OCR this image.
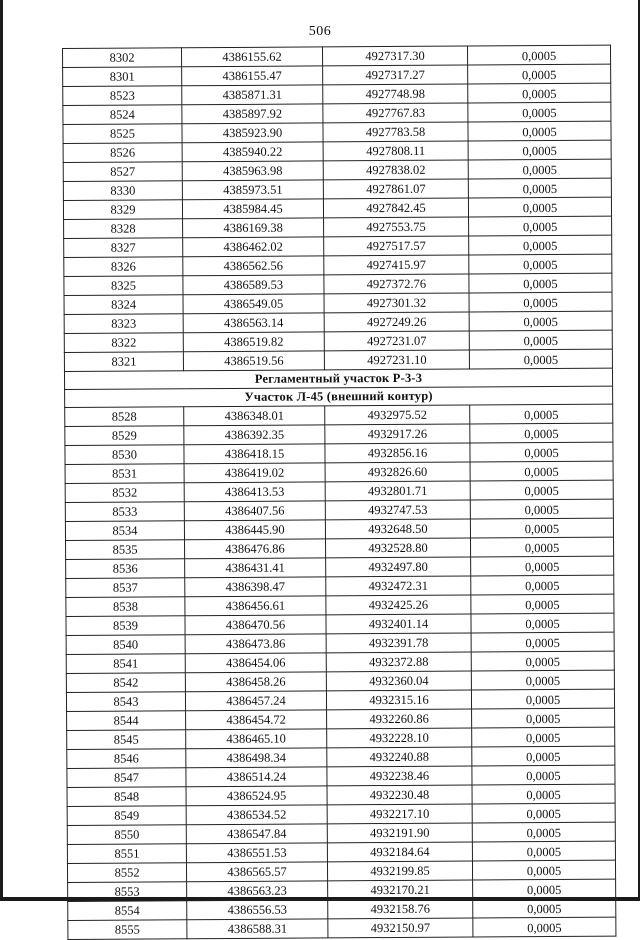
506
8302	4386155.62	4927317.30	0,0005
8301	4386155.47	4927317.27	0,0005
8523	4385871.31	4927748.98	0,0005
8524	4385897.92	4927767.83	0,0005
8525	4385923.90	4927783.58	0,0005
8526	4385940.22	4927808.11	0,0005
8527	4385963.98	4927838.02	0,0005
8330	4385973.51	4927861.07	0,0005
8329	4385984.45	4927842.45	0,0005
8328	4386169.38	4927553.75	0,0005
8327	4386462.02	4927517.57	0,0005
8326	4386562.56	4927415.97	0,0005
8325	4386589.53	4927372.76	0,0005
8324	4386549.05	4927301.32	0,0005
8323	4386563.14	4927249.26	0,0005
8322	4386519.82	4927231.07	0,0005
8321	4386519.56	4927231.10	0,0005
Регламентный участок Р-3-3			
Участок Л-45 (внешний контур)			
8528	4386348.01	4932975.52	0,0005
8529	4386392.35	4932917.26	0,0005
8530	4386418.15	4932856.16	0,0005
8531	4386419.02	4932826.60	0,0005
8532	4386413.53	4932801.71	0,0005
8533	4386407.56	4932747.53	0,0005
8534	4386445.90	4932648.50	0,0005
8535	4386476.86	4932528.80	0,0005
8536	4386431.41	4932497.80	0,0005
8537	4386398.47	4932472.31	0,0005
8538	4386456.61	4932425.26	0,0005
8539	4386470.56	4932401.14	0,0005
8540	4386473.86	4932391.78	0,0005
8541	4386454.06	4932372.88	0,0005
8542	4386458.26	4932360.04	0,0005
8543	4386457.24	4932315.16	0,0005
8544	4386454.72	4932260.86	0,0005
8545	4386465.10	4932228.10	0,0005
8546	4386498.34	4932240.88	0,0005
8547	4386514.24	4932238.46	0,0005
8548	4386524.95	4932230.48	0,0005
8549	4386534.52	4932217.10	0,0005
8550	4386547.84	4932191.90	0,0005
8551	4386551.53	4932184.64	0,0005
8552	4386565.57	4932199.85	0,0005
8553	4386563.23	4932170.21	0,0005
8554	4386556.53	4932158.76	0,0005
8555	4386588.31	4932150.97	0,0005
